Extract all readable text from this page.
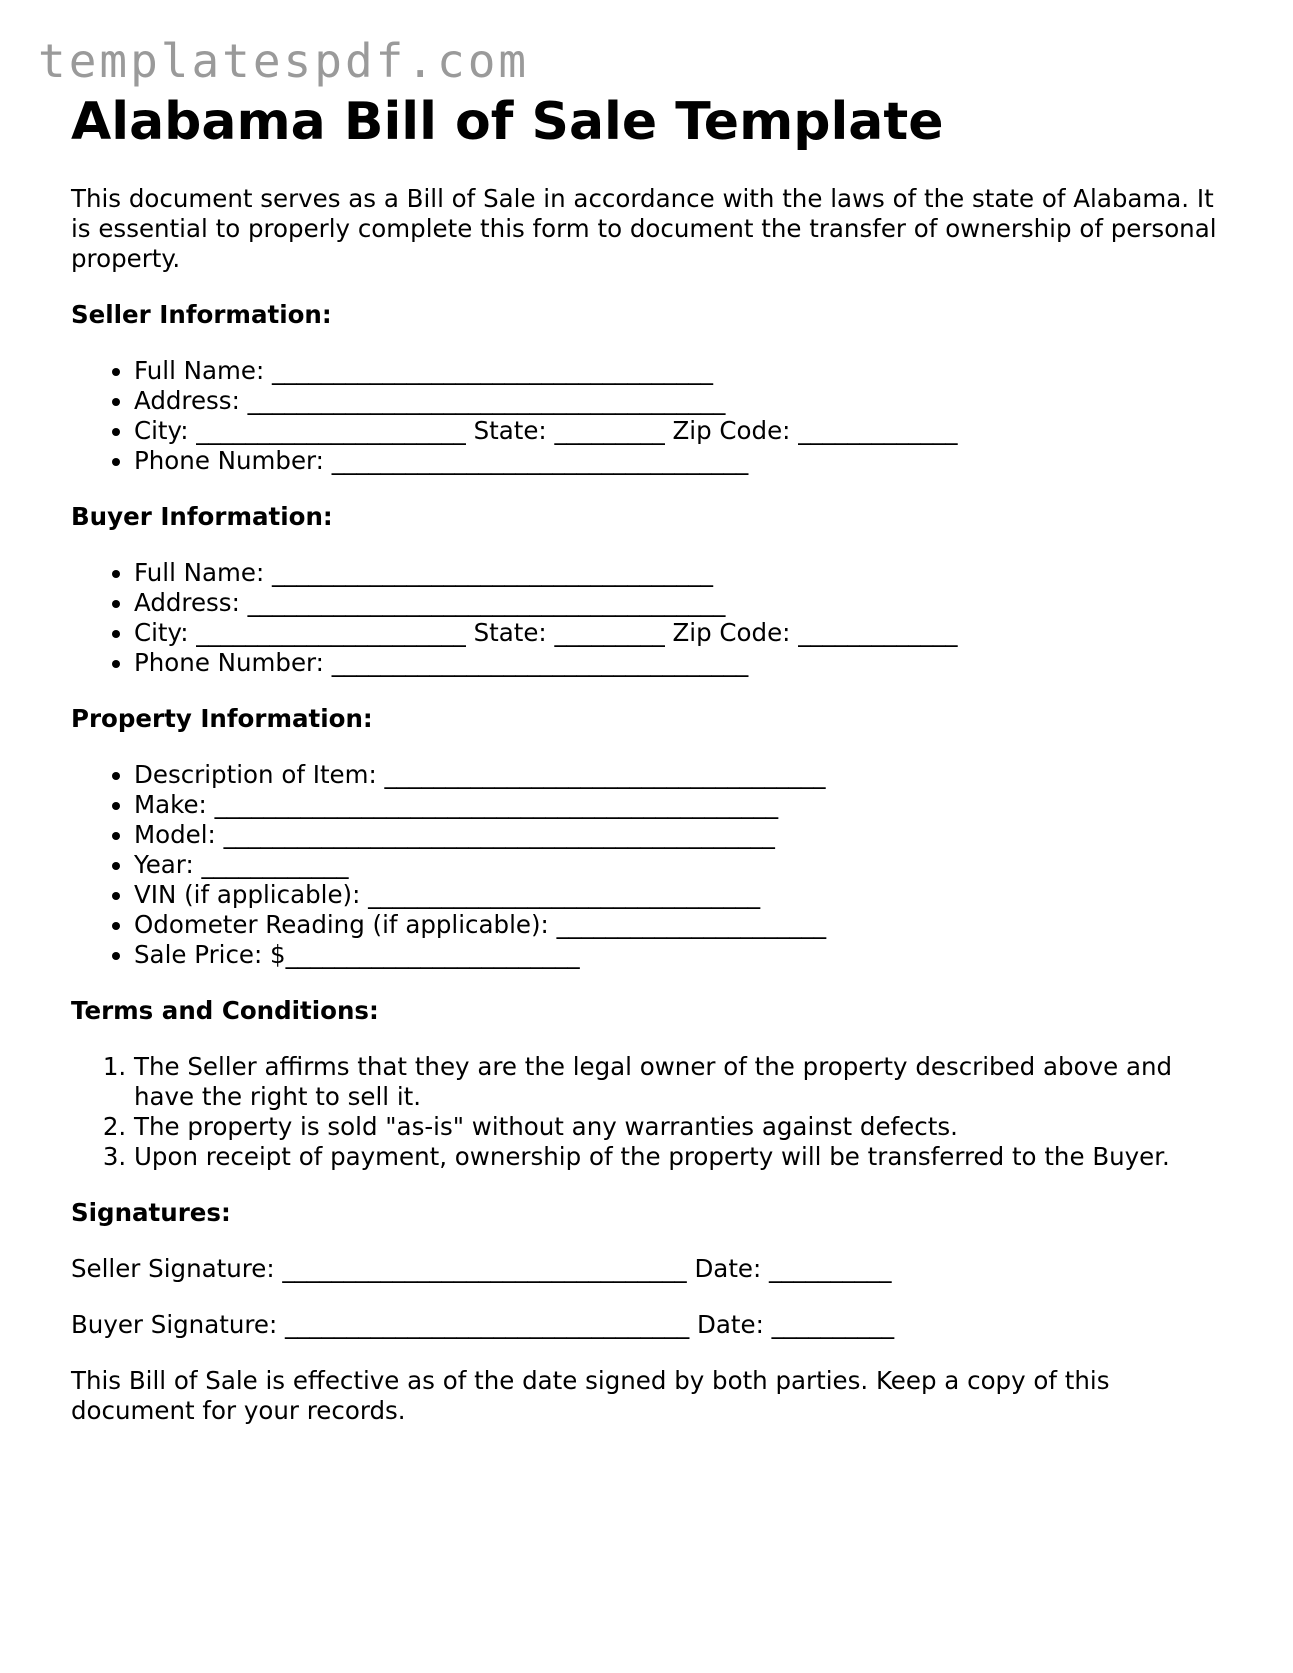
templatespdf.com
Alabama Bill of Sale Template

This document serves as a Bill of Sale in accordance with the laws of the state of Alabama. It is essential to properly complete this form to document the transfer of ownership of personal property.

Seller Information:
• Full Name: ____________________________________
• Address: _______________________________________
• City: ______________________ State: _________ Zip Code: _____________
• Phone Number: __________________________________
Buyer Information:
• Full Name: ____________________________________
• Address: _______________________________________
• City: ______________________ State: _________ Zip Code: _____________
• Phone Number: __________________________________
Property Information:
• Description of Item: ____________________________________
• Make: ______________________________________________
• Model: _____________________________________________
• Year: ____________
• VIN (if applicable): ________________________________
• Odometer Reading (if applicable): ______________________
• Sale Price: $________________________
Terms and Conditions:
1. The Seller affirms that they are the legal owner of the property described above and have the right to sell it.
2. The property is sold "as-is" without any warranties against defects.
3. Upon receipt of payment, ownership of the property will be transferred to the Buyer.
Signatures:

Seller Signature: _________________________________ Date: __________

Buyer Signature: _________________________________ Date: __________

This Bill of Sale is effective as of the date signed by both parties. Keep a copy of this document for your records.
